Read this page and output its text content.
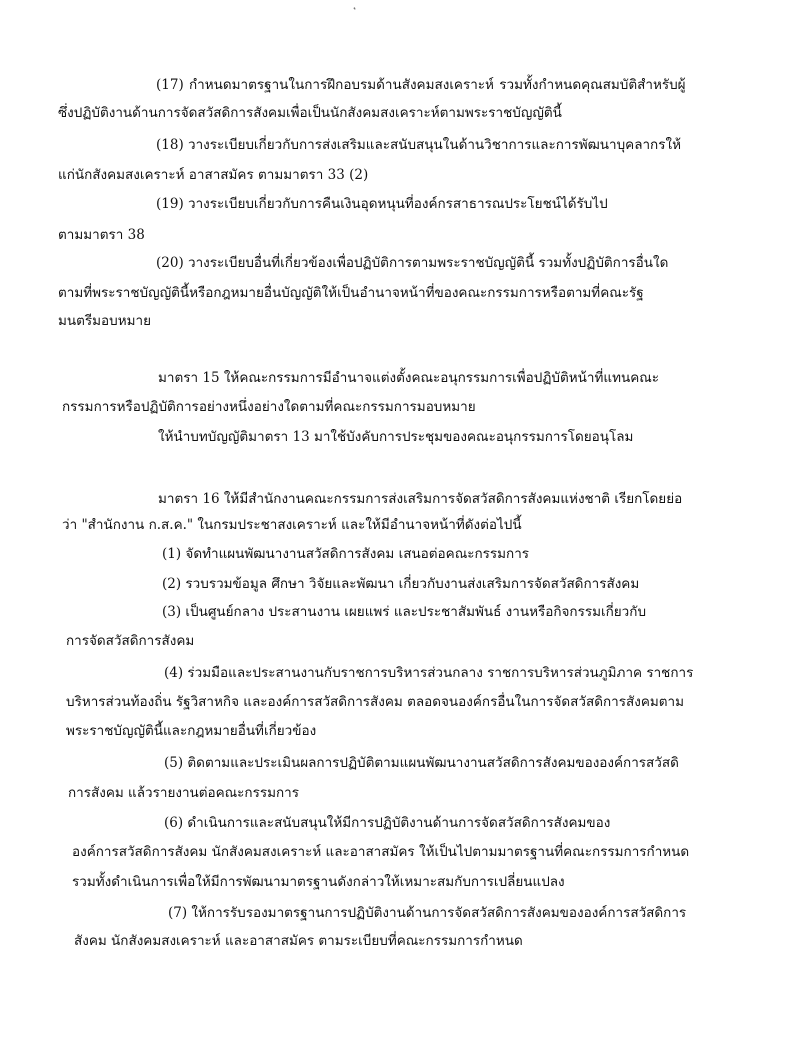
(17) กำหนดมาตรฐานในการฝึกอบรมด้านสังคมสงเคราะห์ รวมทั้งกำหนดคุณสมบัติสำหรับผู้
ซึ่งปฏิบัติงานด้านการจัดสวัสดิการสังคมเพื่อเป็นนักสังคมสงเคราะห์ตามพระราชบัญญัตินี้
(18) วางระเบียบเกี่ยวกับการส่งเสริมและสนับสนุนในด้านวิชาการและการพัฒนาบุคลากรให้
แก่นักสังคมสงเคราะห์ อาสาสมัคร ตามมาตรา 33 (2)
(19) วางระเบียบเกี่ยวกับการคืนเงินอุดหนุนที่องค์กรสาธารณประโยชน์ได้รับไป
ตามมาตรา 38
(20) วางระเบียบอื่นที่เกี่ยวข้องเพื่อปฏิบัติการตามพระราชบัญญัตินี้ รวมทั้งปฏิบัติการอื่นใด
ตามที่พระราชบัญญัตินี้หรือกฎหมายอื่นบัญญัติให้เป็นอำนาจหน้าที่ของคณะกรรมการหรือตามที่คณะรัฐ
มนตรีมอบหมาย
มาตรา 15 ให้คณะกรรมการมีอำนาจแต่งตั้งคณะอนุกรรมการเพื่อปฏิบัติหน้าที่แทนคณะ
กรรมการหรือปฏิบัติการอย่างหนึ่งอย่างใดตามที่คณะกรรมการมอบหมาย
ให้นำบทบัญญัติมาตรา 13 มาใช้บังคับการประชุมของคณะอนุกรรมการโดยอนุโลม
มาตรา 16 ให้มีสำนักงานคณะกรรมการส่งเสริมการจัดสวัสดิการสังคมแห่งชาติ เรียกโดยย่อ
ว่า "สำนักงาน ก.ส.ค." ในกรมประชาสงเคราะห์ และให้มีอำนาจหน้าที่ดังต่อไปนี้
(1) จัดทำแผนพัฒนางานสวัสดิการสังคม เสนอต่อคณะกรรมการ
(2) รวบรวมข้อมูล ศึกษา วิจัยและพัฒนา เกี่ยวกับงานส่งเสริมการจัดสวัสดิการสังคม
(3) เป็นศูนย์กลาง ประสานงาน เผยแพร่ และประชาสัมพันธ์ งานหรือกิจกรรมเกี่ยวกับ
การจัดสวัสดิการสังคม
(4) ร่วมมือและประสานงานกับราชการบริหารส่วนกลาง ราชการบริหารส่วนภูมิภาค ราชการ
บริหารส่วนท้องถิ่น รัฐวิสาหกิจ และองค์การสวัสดิการสังคม ตลอดจนองค์กรอื่นในการจัดสวัสดิการสังคมตาม
พระราชบัญญัตินี้และกฎหมายอื่นที่เกี่ยวข้อง
(5) ติดตามและประเมินผลการปฏิบัติตามแผนพัฒนางานสวัสดิการสังคมขององค์การสวัสดิ
การสังคม แล้วรายงานต่อคณะกรรมการ
(6) ดำเนินการและสนับสนุนให้มีการปฏิบัติงานด้านการจัดสวัสดิการสังคมของ
องค์การสวัสดิการสังคม นักสังคมสงเคราะห์ และอาสาสมัคร ให้เป็นไปตามมาตรฐานที่คณะกรรมการกำหนด
รวมทั้งดำเนินการเพื่อให้มีการพัฒนามาตรฐานดังกล่าวให้เหมาะสมกับการเปลี่ยนแปลง
(7) ให้การรับรองมาตรฐานการปฏิบัติงานด้านการจัดสวัสดิการสังคมขององค์การสวัสดิการ
สังคม นักสังคมสงเคราะห์ และอาสาสมัคร ตามระเบียบที่คณะกรรมการกำหนด
